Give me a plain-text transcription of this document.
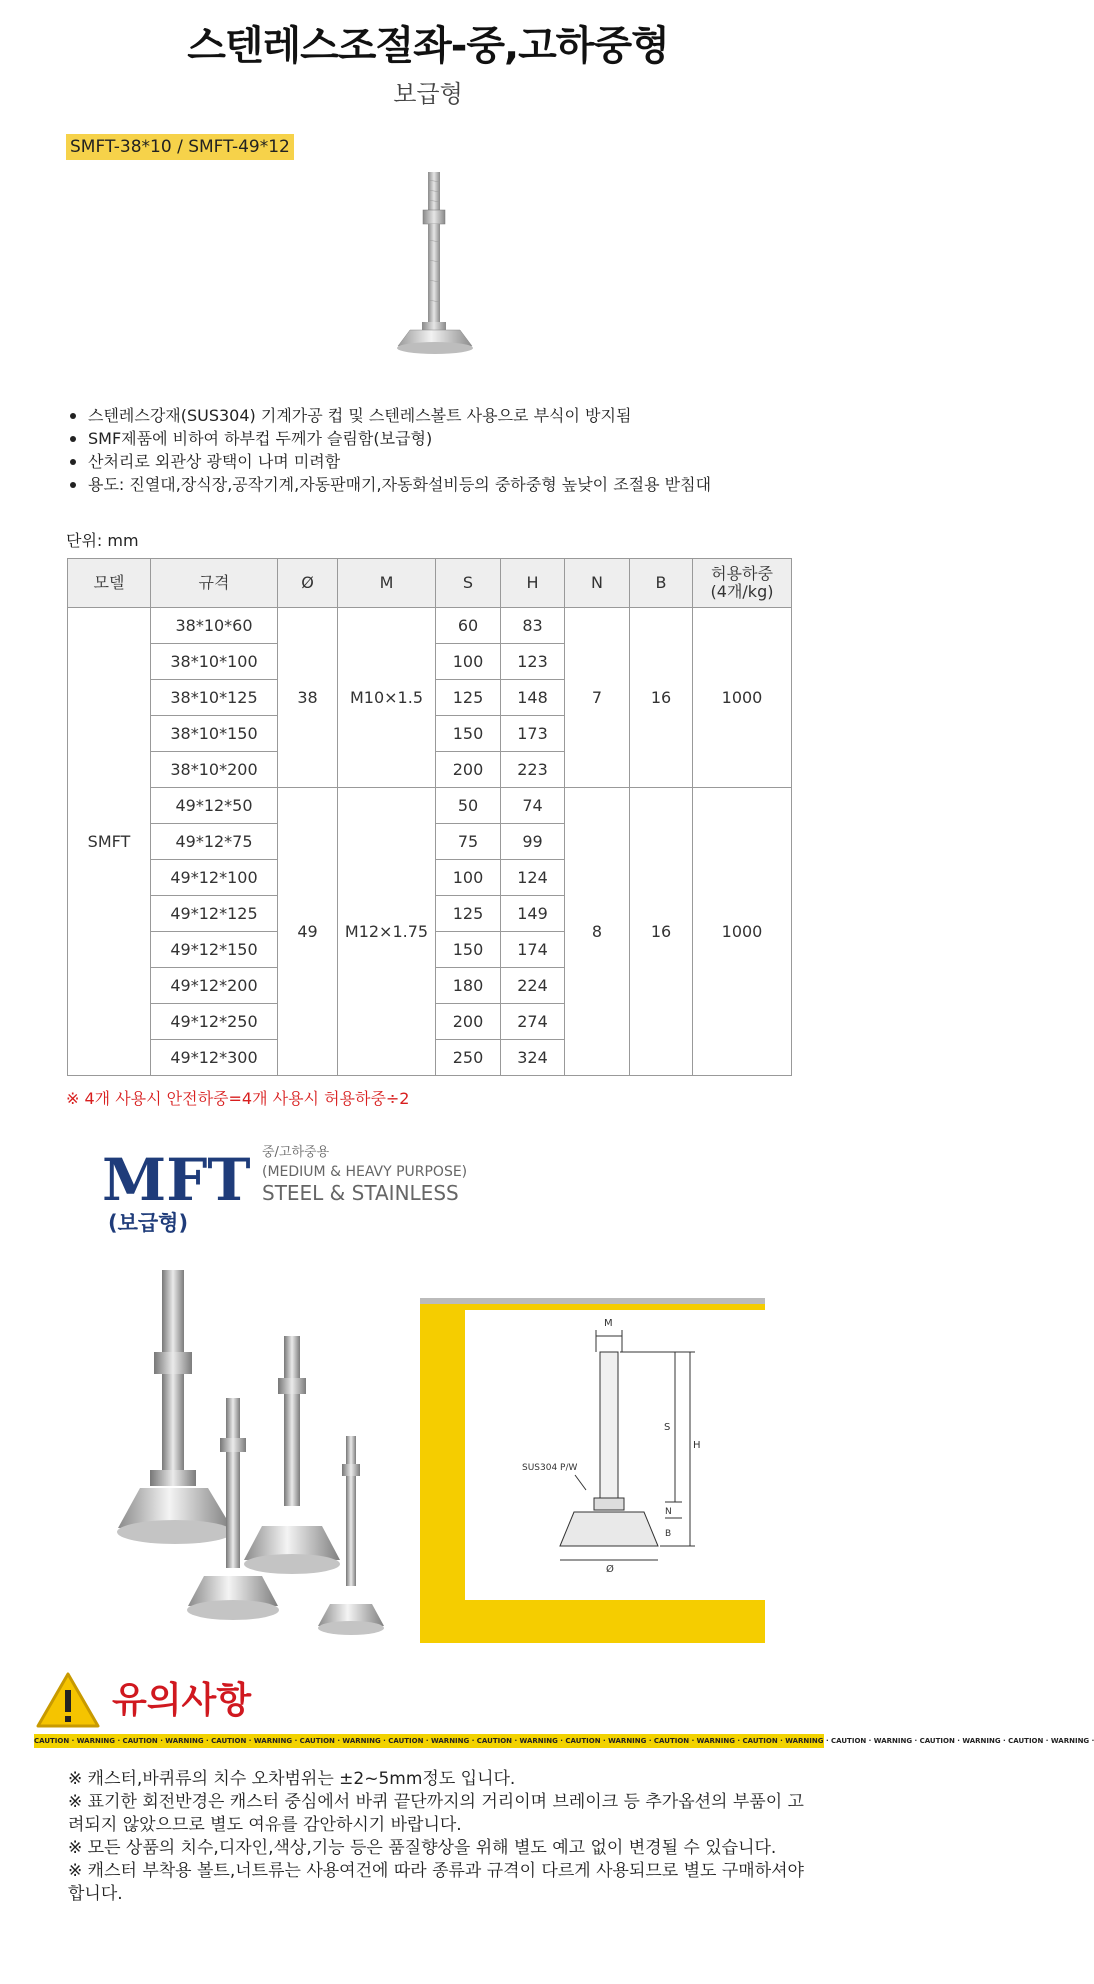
스텐레스조절좌-중,고하중형
보급형
SMFT-38*10 / SMFT-49*12
스텐레스강재(SUS304) 기계가공 컵 및 스텐레스볼트 사용으로 부식이 방지됨
SMF제품에 비하여 하부컵 두께가 슬림함(보급형)
산처리로 외관상 광택이 나며 미려함
용도: 진열대,장식장,공작기계,자동판매기,자동화설비등의 중하중형 높낮이 조절용 받침대
단위: mm
모델	규격	Ø	M	S	H	N	B	허용하중
(4개/kg)
SMFT	38*10*60	38	M10×1.5	60	83	7	16	1000
	38*10*100			100	123			
	38*10*125			125	148			
	38*10*150			150	173			
	38*10*200			200	223			
	49*12*50	49	M12×1.75	50	74	8	16	1000
	49*12*75			75	99			
	49*12*100			100	124			
	49*12*125			125	149			
	49*12*150			150	174			
	49*12*200			180	224			
	49*12*250			200	274			
	49*12*300			250	324			
※ 4개 사용시 안전하중=4개 사용시 허용하중÷2
MFT
(보급형)
중/고하중용
(MEDIUM & HEAVY PURPOSE)
STEEL & STAINLESS
M
S
H
N
B
Ø
SUS304 P/W
유의사항
CAUTION · WARNING · CAUTION · WARNING · CAUTION · WARNING · CAUTION · WARNING · CAUTION · WARNING · CAUTION · WARNING · CAUTION · WARNING · CAUTION · WARNING · CAUTION · WARNING · CAUTION · WARNING · CAUTION · WARNING · CAUTION · WARNING ·

※ 캐스터,바퀴류의 치수 오차범위는 ±2~5mm정도 입니다.

※ 표기한 회전반경은 캐스터 중심에서 바퀴 끝단까지의 거리이며 브레이크 등 추가옵션의 부품이 고려되지 않았으므로 별도 여유를 감안하시기 바랍니다.

※ 모든 상품의 치수,디자인,색상,기능 등은 품질향상을 위해 별도 예고 없이 변경될 수 있습니다.

※ 캐스터 부착용 볼트,너트류는 사용여건에 따라 종류과 규격이 다르게 사용되므로 별도 구매하셔야 합니다.
